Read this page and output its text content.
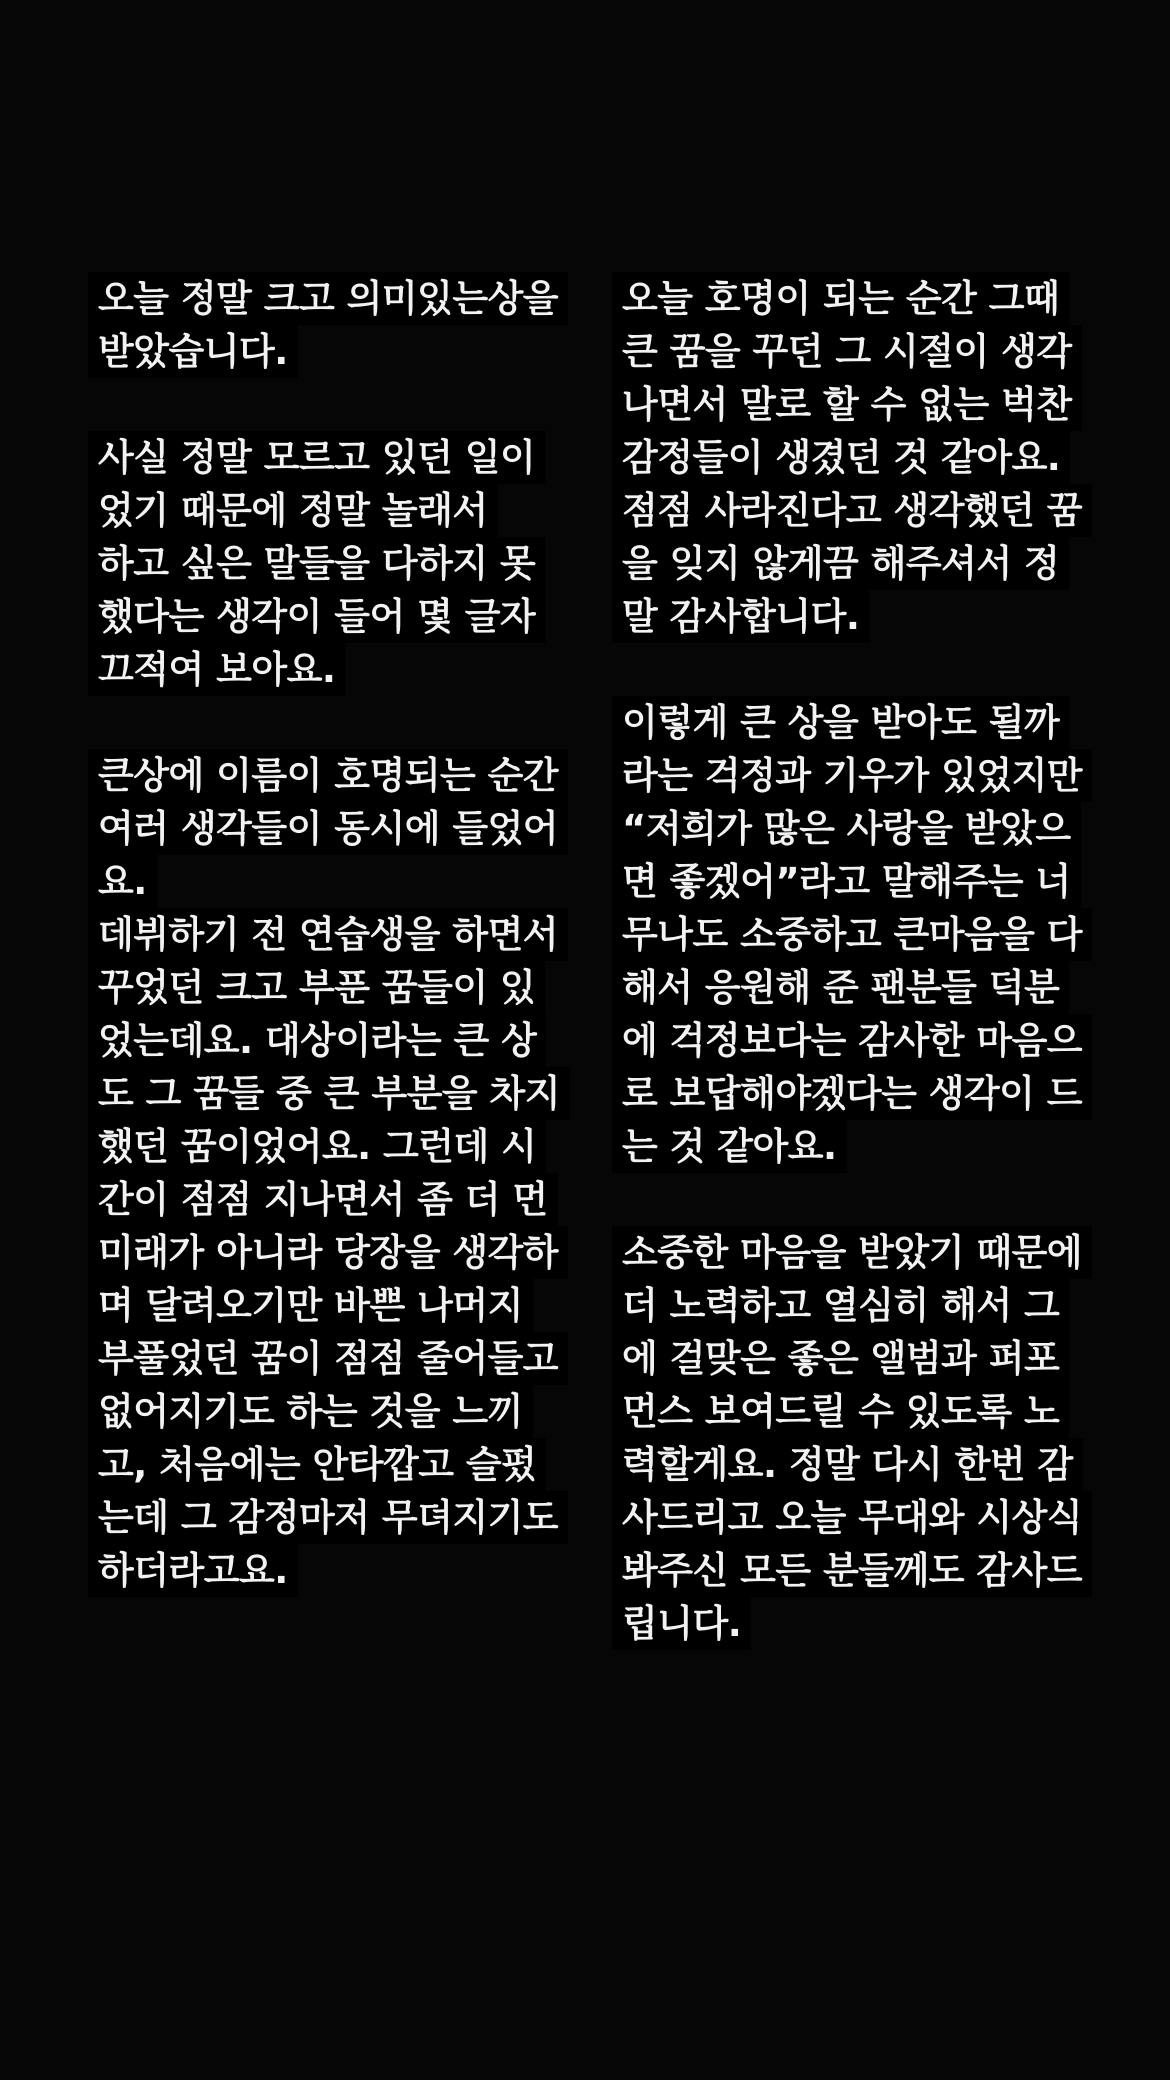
오늘 정말 크고 의미있는상을
받았습니다.
사실 정말 모르고 있던 일이
었기 때문에 정말 놀래서
하고 싶은 말들을 다하지 못
했다는 생각이 들어 몇 글자
끄적여 보아요.
큰상에 이름이 호명되는 순간
여러 생각들이 동시에 들었어
요.
데뷔하기 전 연습생을 하면서
꾸었던 크고 부푼 꿈들이 있
었는데요. 대상이라는 큰 상
도 그 꿈들 중 큰 부분을 차지
했던 꿈이었어요. 그런데 시
간이 점점 지나면서 좀 더 먼
미래가 아니라 당장을 생각하
며 달려오기만 바쁜 나머지
부풀었던 꿈이 점점 줄어들고
없어지기도 하는 것을 느끼
고, 처음에는 안타깝고 슬펐
는데 그 감정마저 무뎌지기도
하더라고요.
오늘 호명이 되는 순간 그때
큰 꿈을 꾸던 그 시절이 생각
나면서 말로 할 수 없는 벅찬
감정들이 생겼던 것 같아요.
점점 사라진다고 생각했던 꿈
을 잊지 않게끔 해주셔서 정
말 감사합니다.
이렇게 큰 상을 받아도 될까
라는 걱정과 기우가 있었지만
“저희가 많은 사랑을 받았으
면 좋겠어”라고 말해주는 너
무나도 소중하고 큰마음을 다
해서 응원해 준 팬분들 덕분
에 걱정보다는 감사한 마음으
로 보답해야겠다는 생각이 드
는 것 같아요.
소중한 마음을 받았기 때문에
더 노력하고 열심히 해서 그
에 걸맞은 좋은 앨범과 퍼포
먼스 보여드릴 수 있도록 노
력할게요. 정말 다시 한번 감
사드리고 오늘 무대와 시상식
봐주신 모든 분들께도 감사드
립니다.
